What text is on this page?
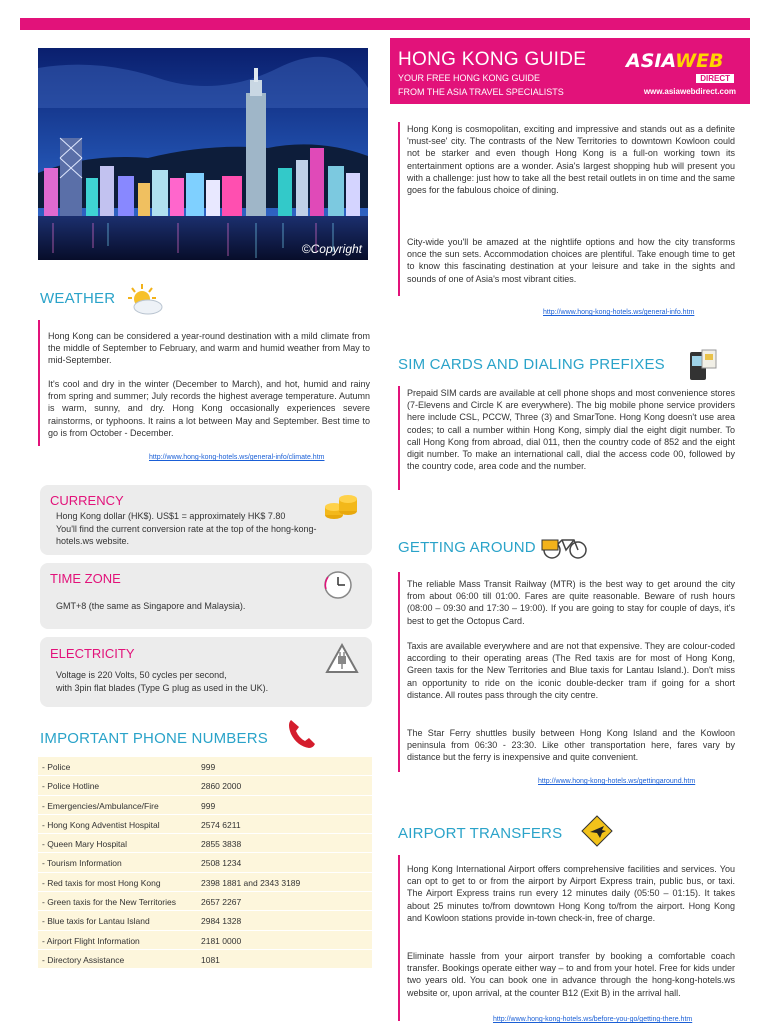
HONG KONG GUIDE
YOUR FREE HONG KONG GUIDE
FROM THE ASIA TRAVEL SPECIALISTS
ASIAWEB
DIRECT
www.asiawebdirect.com
©Copyright
Hong Kong is cosmopolitan, exciting and impressive and stands out as a definite 'must-see' city. The contrasts of the New Territories to downtown Kowloon could not be starker and even though Hong Kong is a full-on working town its entertainment options are a wonder. Asia's largest shopping hub will present you with a challenge: just how to take all the best retail outlets in on time and the same goes for the fabulous choice of dining.
City-wide you'll be amazed at the nightlife options and how the city transforms once the sun sets. Accommodation choices are plentiful. Take enough time to get to know this fascinating destination at your leisure and take in the sights and sounds of one of Asia's most vibrant cities.
http://www.hong-kong-hotels.ws/general-info.htm
WEATHER
Hong Kong can be considered a year-round destination with a mild climate from the middle of September to February, and warm and humid weather from May to mid-September.
It's cool and dry in the winter (December to March), and hot, humid and rainy from spring and summer; July records the highest average temperature. Autumn is warm, sunny, and dry. Hong Kong occasionally experiences severe rainstorms, or typhoons. It rains a lot between May and September. Best time to go is from October - December.
http://www.hong-kong-hotels.ws/general-info/climate.htm
CURRENCY
Hong Kong dollar (HK$). US$1 = approximately HK$ 7.80
You'll find the current conversion rate at the top of the hong-kong-
hotels.ws website.
TIME ZONE
GMT+8 (the same as Singapore and Malaysia).
ELECTRICITY
Voltage is 220 Volts, 50 cycles per second,
with 3pin flat blades (Type G plug as used in the UK).
IMPORTANT PHONE NUMBERS
- Police	999
- Police Hotline	2860 2000
- Emergencies/Ambulance/Fire	999
- Hong Kong Adventist Hospital	2574 6211
- Queen Mary Hospital	2855 3838
- Tourism Information	2508 1234
- Red taxis for most Hong Kong	2398 1881 and 2343 3189
- Green taxis for the New Territories	2657 2267
- Blue taxis for Lantau Island	2984 1328
- Airport Flight Information	2181 0000
- Directory Assistance	1081
SIM CARDS AND DIALING PREFIXES
Prepaid SIM cards are available at cell phone shops and most convenience stores (7-Elevens and Circle K are everywhere). The big mobile phone service providers here include CSL, PCCW, Three (3) and SmarTone. Hong Kong doesn't use area codes; to call a number within Hong Kong, simply dial the eight digit number. To call Hong Kong from abroad, dial 011, then the country code of 852 and the eight digit number. To make an international call, dial the access code 00, followed by the country code, area code and the number.
GETTING AROUND
The reliable Mass Transit Railway (MTR) is the best way to get around the city from about 06:00 till 01:00. Fares are quite reasonable. Beware of rush hours (08:00 – 09:30 and 17:30 – 19:00). If you are going to stay for couple of days, it's best to get the Octopus Card.
Taxis are available everywhere and are not that expensive. They are colour-coded according to their operating areas (The Red taxis are for most of Hong Kong, Green taxis for the New Territories and Blue taxis for Lantau Island.). Don't miss an opportunity to ride on the iconic double-decker tram if going for a short distance. All routes pass through the city centre.
The Star Ferry shuttles busily between Hong Kong Island and the Kowloon peninsula from 06:30 - 23:30. Like other transportation here, fares vary by distance but the ferry is inexpensive and quite convenient.
http://www.hong-kong-hotels.ws/gettingaround.htm
AIRPORT TRANSFERS
Hong Kong International Airport offers comprehensive facilities and services. You can opt to get to or from the airport by Airport Express train, public bus, or taxi. The Airport Express trains run every 12 minutes daily (05:50 – 01:15). It takes about 25 minutes to/from downtown Hong Kong to/from the airport. Hong Kong and Kowloon stations provide in-town check-in, free of charge.
Eliminate hassle from your airport transfer by booking a comfortable coach transfer. Bookings operate either way – to and from your hotel. Free for kids under two years old. You can book one in advance through the hong-kong-hotels.ws website or, upon arrival, at the counter B12 (Exit B) in the arrival hall.
http://www.hong-kong-hotels.ws/before-you-go/getting-there.htm
